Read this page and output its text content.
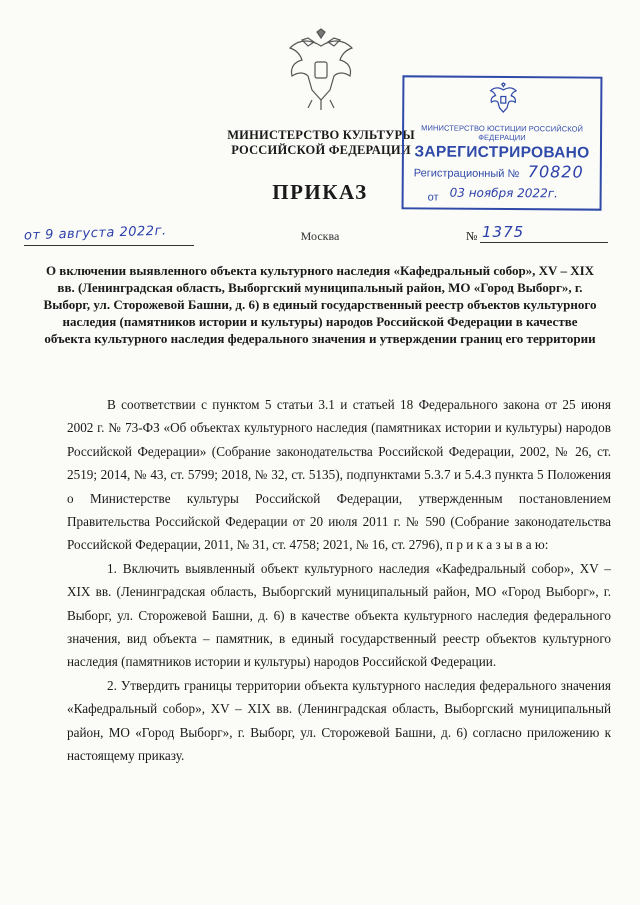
МИНИСТЕРСТВО КУЛЬТУРЫ
РОССИЙСКОЙ ФЕДЕРАЦИИ
МИНИСТЕРСТВО ЮСТИЦИИ РОССИЙСКОЙ ФЕДЕРАЦИИ
ЗАРЕГИСТРИРОВАНО
Регистрационный № 70820
от 03 ноября 2022г.
ПРИКАЗ
от 9 августа 2022г.	Москва	№ 1375
О включении выявленного объекта культурного наследия «Кафедральный собор», XV – XIX вв. (Ленинградская область, Выборгский муниципальный район, МО «Город Выборг», г. Выборг, ул. Сторожевой Башни, д. 6) в единый государственный реестр объектов культурного наследия (памятников истории и культуры) народов Российской Федерации в качестве объекта культурного наследия федерального значения и утверждении границ его территории

В соответствии с пунктом 5 статьи 3.1 и статьей 18 Федерального закона от 25 июня 2002 г. № 73-ФЗ «Об объектах культурного наследия (памятниках истории и культуры) народов Российской Федерации» (Собрание законодательства Российской Федерации, 2002, № 26, ст. 2519; 2014, № 43, ст. 5799; 2018, № 32, ст. 5135), подпунктами 5.3.7 и 5.4.3 пункта 5 Положения о Министерстве культуры Российской Федерации, утвержденным постановлением Правительства Российской Федерации от 20 июля 2011 г. № 590 (Собрание законодательства Российской Федерации, 2011, № 31, ст. 4758; 2021, № 16, ст. 2796), п р и к а з ы в а ю:

1. Включить выявленный объект культурного наследия «Кафедральный собор», XV – XIX вв. (Ленинградская область, Выборгский муниципальный район, МО «Город Выборг», г. Выборг, ул. Сторожевой Башни, д. 6) в качестве объекта культурного наследия федерального значения, вид объекта – памятник, в единый государственный реестр объектов культурного наследия (памятников истории и культуры) народов Российской Федерации.

2. Утвердить границы территории объекта культурного наследия федерального значения «Кафедральный собор», XV – XIX вв. (Ленинградская область, Выборгский муниципальный район, МО «Город Выборг», г. Выборг, ул. Сторожевой Башни, д. 6) согласно приложению к настоящему приказу.
